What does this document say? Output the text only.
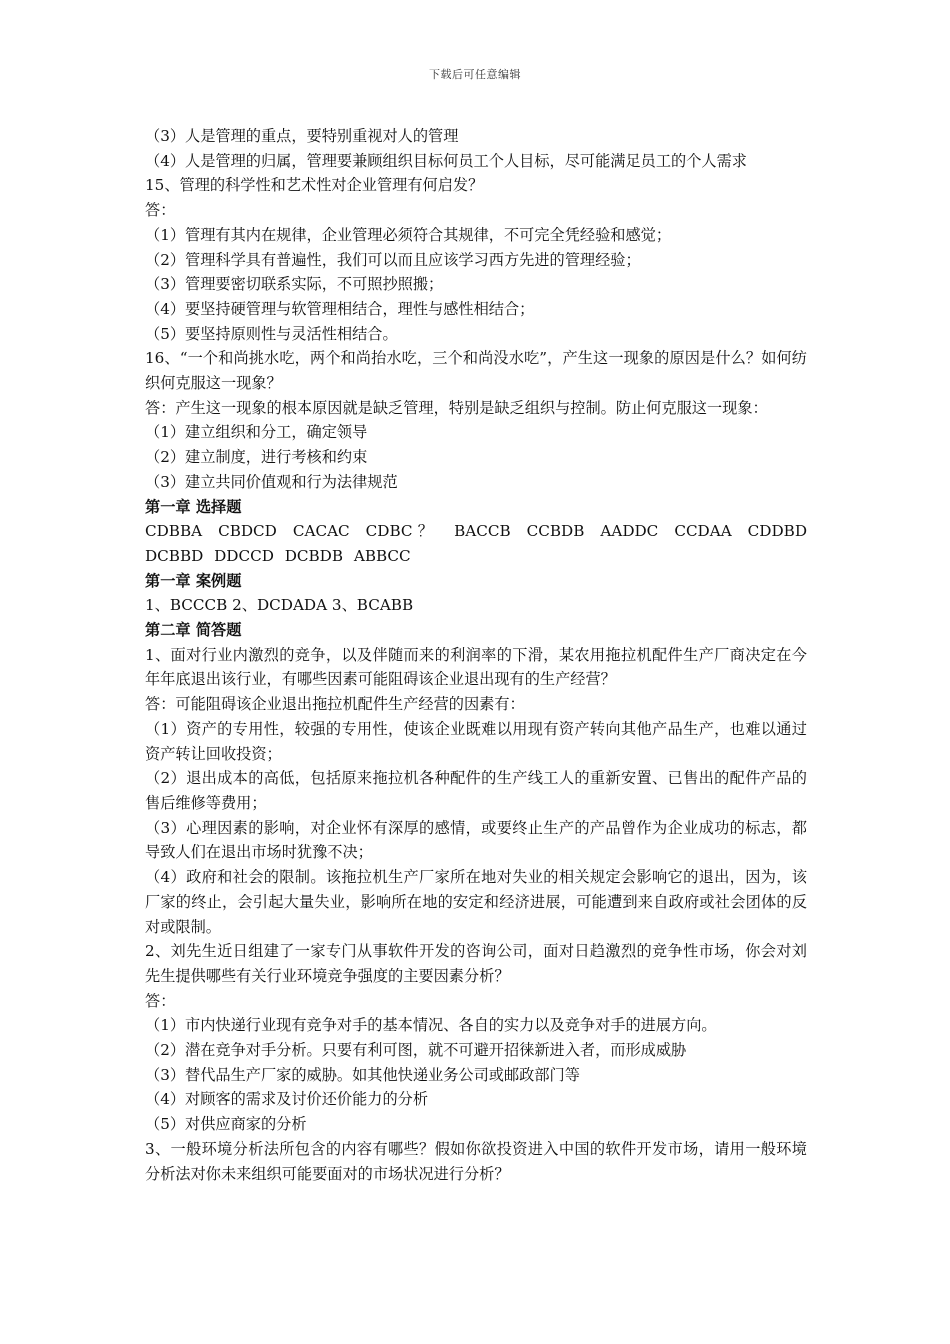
下载后可任意编辑
（3）人是管理的重点，要特别重视对人的管理
（4）人是管理的归属，管理要兼顾组织目标何员工个人目标，尽可能满足员工的个人需求
15、管理的科学性和艺术性对企业管理有何启发？
答：
（1）管理有其内在规律，企业管理必须符合其规律，不可完全凭经验和感觉；
（2）管理科学具有普遍性，我们可以而且应该学习西方先进的管理经验；
（3）管理要密切联系实际，不可照抄照搬；
（4）要坚持硬管理与软管理相结合，理性与感性相结合；
（5）要坚持原则性与灵活性相结合。
16、“一个和尚挑水吃，两个和尚抬水吃，三个和尚没水吃”，产生这一现象的原因是什么？如何纺织何克服这一现象？
答：产生这一现象的根本原因就是缺乏管理，特别是缺乏组织与控制。防止何克服这一现象：
（1）建立组织和分工，确定领导
（2）建立制度，进行考核和约束
（3）建立共同价值观和行为法律规范
第一章 选择题
CDBBA CBDCD CACAC CDBC？ BACCB CCBDB AADDC CCDAA CDDBD DCBBD DDCCD DCBDB ABBCC
第一章 案例题
1、BCCCB 2、DCDADA 3、BCABB
第二章 简答题
1、面对行业内激烈的竞争，以及伴随而来的利润率的下滑，某农用拖拉机配件生产厂商决定在今年年底退出该行业，有哪些因素可能阻碍该企业退出现有的生产经营？
答：可能阻碍该企业退出拖拉机配件生产经营的因素有：
（1）资产的专用性，较强的专用性，使该企业既难以用现有资产转向其他产品生产，也难以通过资产转让回收投资；
（2）退出成本的高低，包括原来拖拉机各种配件的生产线工人的重新安置、已售出的配件产品的售后维修等费用；
（3）心理因素的影响，对企业怀有深厚的感情，或要终止生产的产品曾作为企业成功的标志，都导致人们在退出市场时犹豫不决；
（4）政府和社会的限制。该拖拉机生产厂家所在地对失业的相关规定会影响它的退出，因为，该厂家的终止，会引起大量失业，影响所在地的安定和经济进展，可能遭到来自政府或社会团体的反对或限制。
2、刘先生近日组建了一家专门从事软件开发的咨询公司，面对日趋激烈的竞争性市场，你会对刘先生提供哪些有关行业环境竞争强度的主要因素分析？
答：
（1）市内快递行业现有竞争对手的基本情况、各自的实力以及竞争对手的进展方向。
（2）潜在竞争对手分析。只要有利可图，就不可避开招徕新进入者，而形成威胁
（3）替代品生产厂家的威胁。如其他快递业务公司或邮政部门等
（4）对顾客的需求及讨价还价能力的分析
（5）对供应商家的分析
3、一般环境分析法所包含的内容有哪些？假如你欲投资进入中国的软件开发市场，请用一般环境分析法对你未来组织可能要面对的市场状况进行分析？
